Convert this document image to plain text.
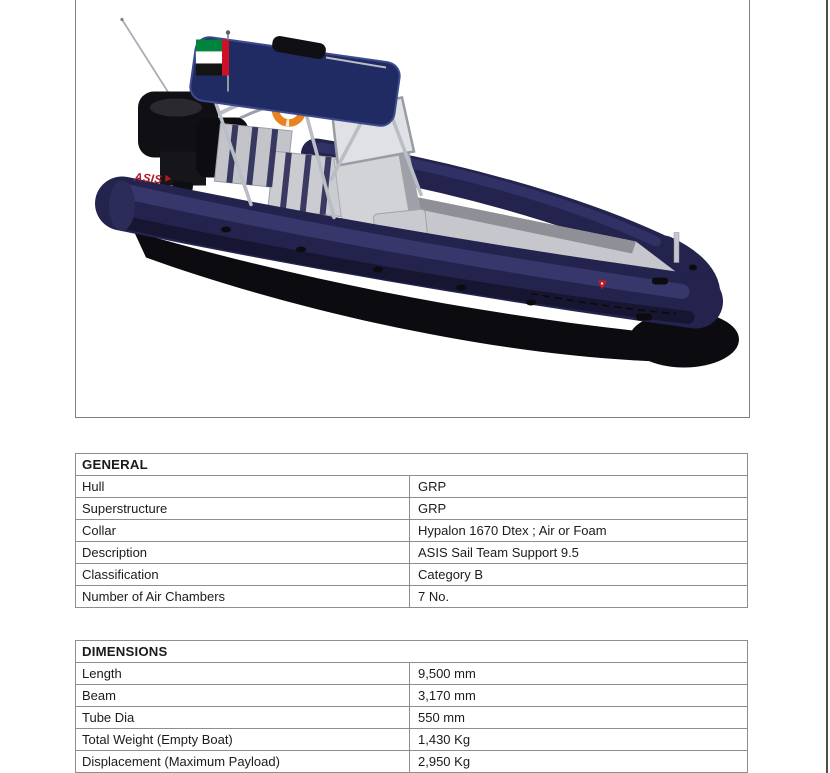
ASIS
GENERAL	
Hull	GRP
Superstructure	GRP
Collar	Hypalon 1670 Dtex ; Air or Foam
Description	ASIS Sail Team Support 9.5
Classification	Category B
Number of Air Chambers	7 No.
DIMENSIONS	
Length	9,500 mm
Beam	3,170 mm
Tube Dia	550 mm
Total Weight (Empty Boat)	1,430 Kg
Displacement (Maximum Payload)	2,950 Kg
